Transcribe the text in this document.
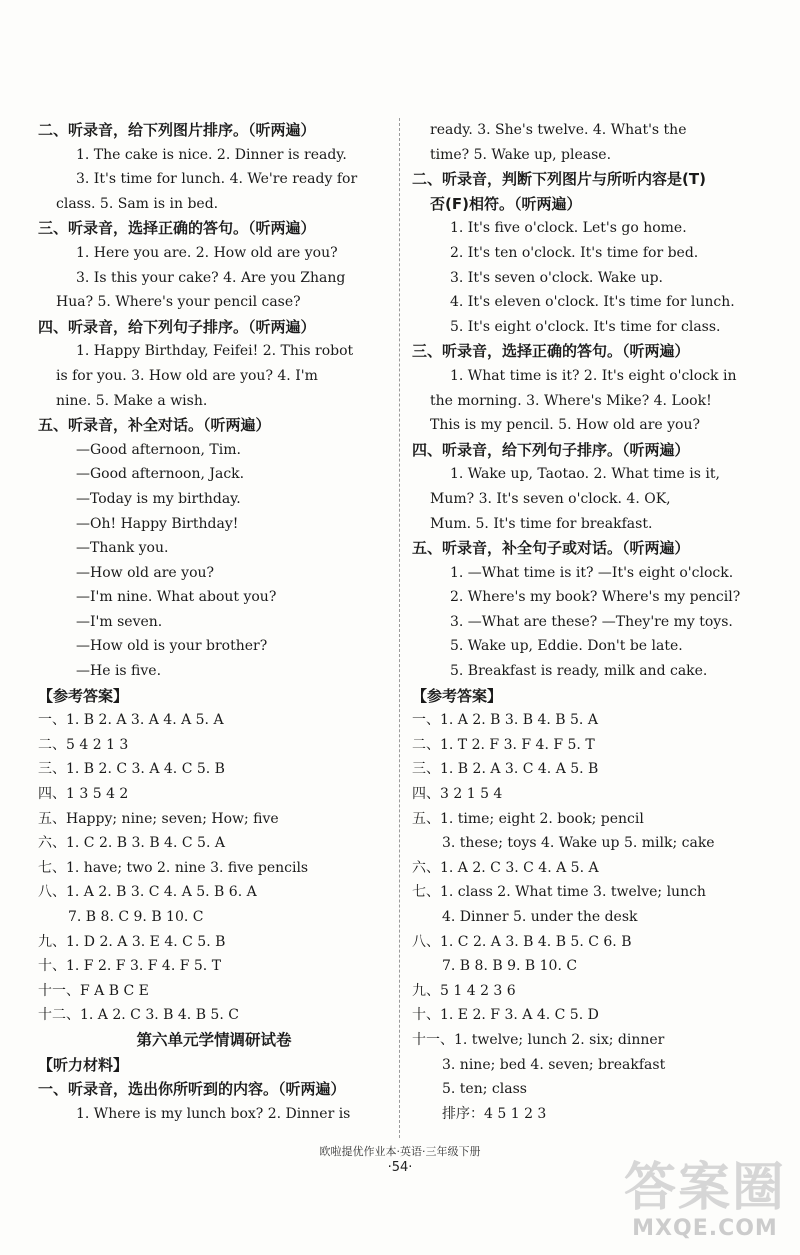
二、听录音，给下列图片排序。（听两遍）
1. The cake is nice. 2. Dinner is ready.
3. It's time for lunch. 4. We're ready for
class. 5. Sam is in bed.
三、听录音，选择正确的答句。（听两遍）
1. Here you are. 2. How old are you?
3. Is this your cake? 4. Are you Zhang
Hua? 5. Where's your pencil case?
四、听录音，给下列句子排序。（听两遍）
1. Happy Birthday, Feifei! 2. This robot
is for you. 3. How old are you? 4. I'm
nine. 5. Make a wish.
五、听录音，补全对话。（听两遍）
—Good afternoon, Tim.
—Good afternoon, Jack.
—Today is my birthday.
—Oh! Happy Birthday!
—Thank you.
—How old are you?
—I'm nine. What about you?
—I'm seven.
—How old is your brother?
—He is five.
【参考答案】
一、1. B 2. A 3. A 4. A 5. A
二、5 4 2 1 3
三、1. B 2. C 3. A 4. C 5. B
四、1 3 5 4 2
五、Happy; nine; seven; How; five
六、1. C 2. B 3. B 4. C 5. A
七、1. have; two 2. nine 3. five pencils
八、1. A 2. B 3. C 4. A 5. B 6. A
7. B 8. C 9. B 10. C
九、1. D 2. A 3. E 4. C 5. B
十、1. F 2. F 3. F 4. F 5. T
十一、F A B C E
十二、1. A 2. C 3. B 4. B 5. C
第六单元学情调研试卷
【听力材料】
一、听录音，选出你所听到的内容。（听两遍）
1. Where is my lunch box? 2. Dinner is
ready. 3. She's twelve. 4. What's the
time? 5. Wake up, please.
二、听录音，判断下列图片与所听内容是(T)
否(F)相符。（听两遍）
1. It's five o'clock. Let's go home.
2. It's ten o'clock. It's time for bed.
3. It's seven o'clock. Wake up.
4. It's eleven o'clock. It's time for lunch.
5. It's eight o'clock. It's time for class.
三、听录音，选择正确的答句。（听两遍）
1. What time is it? 2. It's eight o'clock in
the morning. 3. Where's Mike? 4. Look!
This is my pencil. 5. How old are you?
四、听录音，给下列句子排序。（听两遍）
1. Wake up, Taotao. 2. What time is it,
Mum? 3. It's seven o'clock. 4. OK,
Mum. 5. It's time for breakfast.
五、听录音，补全句子或对话。（听两遍）
1. —What time is it? —It's eight o'clock.
2. Where's my book? Where's my pencil?
3. —What are these? —They're my toys.
5. Wake up, Eddie. Don't be late.
5. Breakfast is ready, milk and cake.
【参考答案】
一、1. A 2. B 3. B 4. B 5. A
二、1. T 2. F 3. F 4. F 5. T
三、1. B 2. A 3. C 4. A 5. B
四、3 2 1 5 4
五、1. time; eight 2. book; pencil
3. these; toys 4. Wake up 5. milk; cake
六、1. A 2. C 3. C 4. A 5. A
七、1. class 2. What time 3. twelve; lunch
4. Dinner 5. under the desk
八、1. C 2. A 3. B 4. B 5. C 6. B
7. B 8. B 9. B 10. C
九、5 1 4 2 3 6
十、1. E 2. F 3. A 4. C 5. D
十一、1. twelve; lunch 2. six; dinner
3. nine; bed 4. seven; breakfast
5. ten; class
排序：4 5 1 2 3
欧啦提优作业本·英语·三年级下册
·54·	答案圈
MXQE.COM
